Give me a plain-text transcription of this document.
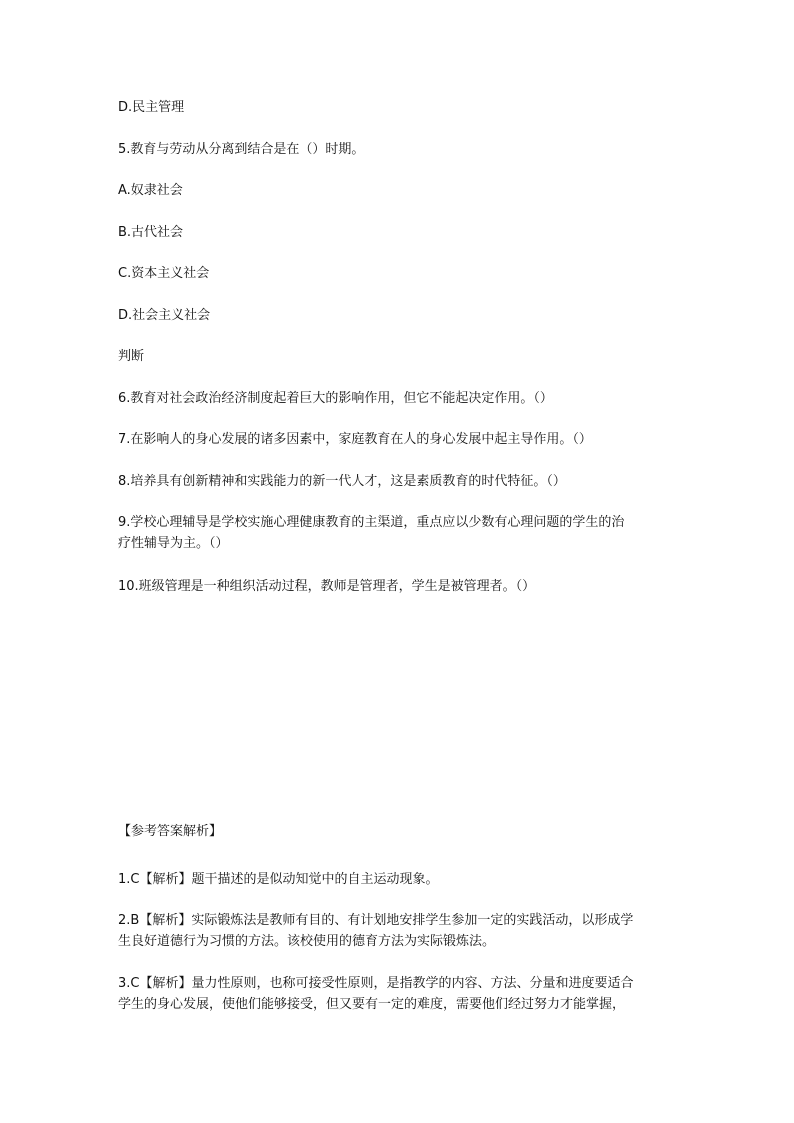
D.民主管理
5.教育与劳动从分离到结合是在（）时期。
A.奴隶社会
B.古代社会
C.资本主义社会
D.社会主义社会
判断
6.教育对社会政治经济制度起着巨大的影响作用，但它不能起决定作用。（）
7.在影响人的身心发展的诸多因素中，家庭教育在人的身心发展中起主导作用。（）
8.培养具有创新精神和实践能力的新一代人才，这是素质教育的时代特征。（）
9.学校心理辅导是学校实施心理健康教育的主渠道，重点应以少数有心理问题的学生的治
疗性辅导为主。（）
10.班级管理是一种组织活动过程，教师是管理者，学生是被管理者。（）
【参考答案解析】
1.C【解析】题干描述的是似动知觉中的自主运动现象。
2.B【解析】实际锻炼法是教师有目的、有计划地安排学生参加一定的实践活动，以形成学
生良好道德行为习惯的方法。该校使用的德育方法为实际锻炼法。
3.C【解析】量力性原则，也称可接受性原则，是指教学的内容、方法、分量和进度要适合
学生的身心发展，使他们能够接受，但又要有一定的难度，需要他们经过努力才能掌握，
